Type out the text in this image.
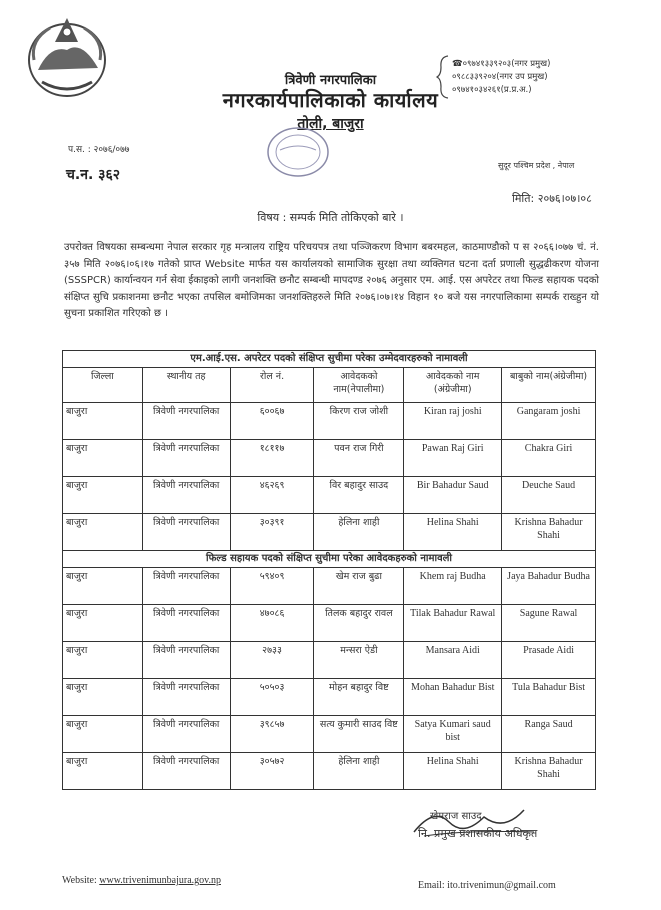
त्रिवेणी नगरपालिका
नगरकार्यपालिकाको कार्यालय
तोली, बाजुरा
☎०९७४१३३९२०३(नगर प्रमुख)
०९८८३३९२०४(नगर उप प्रमुख)
०९७४१०३४२६१(प्र.प्र.अ.)
प.स. : २०७६/०७७
सुदूर पश्चिम प्रदेश , नेपाल
च.न. ३६२
मिति: २०७६।०७।०८
विषय : सम्पर्क मिति तोकिएको बारे ।
उपरोक्त विषयका सम्बन्धमा नेपाल सरकार गृह मन्त्रालय राष्ट्रिय परिचयपत्र तथा पञ्जिकरण विभाग बबरमहल, काठमाण्डौको प स २०६६।०७७ चं. नं. ३५७ मिति २०७६।०६।१७ गतेको प्राप्त Website मार्फत यस कार्यालयको सामाजिक सुरक्षा तथा व्यक्तिगत घटना दर्ता प्रणाली सुद्धढीकरण योजना (SSSPCR) कार्यान्वयन गर्न सेवा ईकाइको लागी जनशक्ति छनौट सम्बन्धी मापदण्ड २०७६ अनुसार एम. आई. एस अपरेटर तथा फिल्ड सहायक पदको संक्षिप्त सुचि प्रकाशनमा छनौट भएका तपसिल बमोजिमका जनशक्तिहरुले मिति २०७६।०७।१४ विहान १० बजे यस नगरपालिकामा सम्पर्क राख्हुन यो सुचना प्रकाशित गरिएको छ ।
एम.आई.एस. अपरेटर पदको संक्षिप्त सुचीमा परेका उम्मेदवारहरुको नामावली					
जिल्ला	स्थानीय तह	रोल नं.	आवेदकको नाम(नेपालीमा)	आवेदकको नाम (अंग्रेजीमा)	बाबुको नाम(अंग्रेजीमा)
बाजुरा	त्रिवेणी नगरपालिका	६००६७	किरण राज जोशी	Kiran raj joshi	Gangaram joshi
बाजुरा	त्रिवेणी नगरपालिका	१८११७	पवन राज गिरी	Pawan Raj Giri	Chakra Giri
बाजुरा	त्रिवेणी नगरपालिका	४६२६९	विर बहादुर साउद	Bir Bahadur Saud	Deuche Saud
बाजुरा	त्रिवेणी नगरपालिका	३०३९१	हेलिना शाही	Helina Shahi	Krishna Bahadur Shahi
फिल्ड सहायक पदको संक्षिप्त सुचीमा परेका आवेदकहरुको नामावली					
बाजुरा	त्रिवेणी नगरपालिका	५९४०९	खेम राज बुढा	Khem raj Budha	Jaya Bahadur Budha
बाजुरा	त्रिवेणी नगरपालिका	४७०८६	तिलक बहादुर रावल	Tilak Bahadur Rawal	Sagune Rawal
बाजुरा	त्रिवेणी नगरपालिका	२७३३	मन्सरा ऐडी	Mansara Aidi	Prasade Aidi
बाजुरा	त्रिवेणी नगरपालिका	५०५०३	मोहन बहादुर विष्ट	Mohan Bahadur Bist	Tula Bahadur Bist
बाजुरा	त्रिवेणी नगरपालिका	३९८५७	सत्य कुमारी साउद विष्ट	Satya Kumari saud bist	Ranga Saud
बाजुरा	त्रिवेणी नगरपालिका	३०५७२	हेलिना शाही	Helina Shahi	Krishna Bahadur Shahi
खेमराज साउद
नि. प्रमुख प्रशासकीय अधिकृत
Website: www.trivenimunbajura.gov.np	Email: ito.trivenimun@gmail.com
